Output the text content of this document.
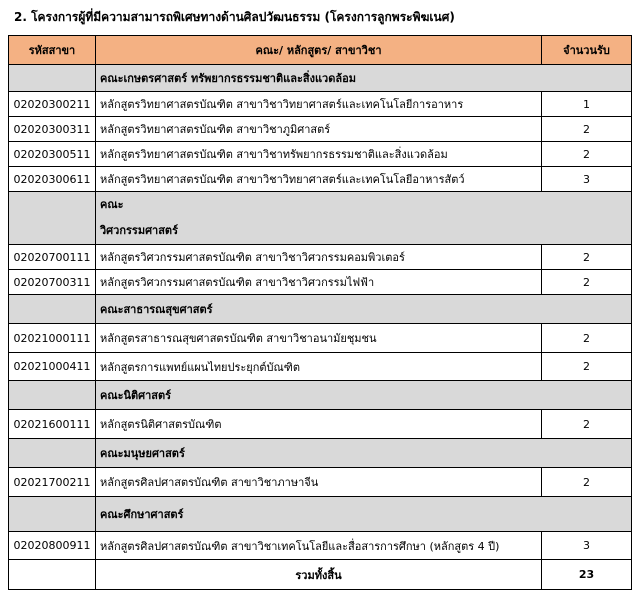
2. โครงการผู้ที่มีความสามารถพิเศษทางด้านศิลปวัฒนธรรม (โครงการลูกพระพิฆเนศ)
รหัสสาขา	คณะ/ หลักสูตร/ สาขาวิชา	จำนวนรับ
	คณะเกษตรศาสตร์ ทรัพยากรธรรมชาติและสิ่งแวดล้อม	
02020300211	หลักสูตรวิทยาศาสตรบัณฑิต สาขาวิชาวิทยาศาสตร์และเทคโนโลยีการอาหาร	1
02020300311	หลักสูตรวิทยาศาสตรบัณฑิต สาขาวิชาภูมิศาสตร์	2
02020300511	หลักสูตรวิทยาศาสตรบัณฑิต สาขาวิชาทรัพยากรธรรมชาติและสิ่งแวดล้อม	2
02020300611	หลักสูตรวิทยาศาสตรบัณฑิต สาขาวิชาวิทยาศาสตร์และเทคโนโลยีอาหารสัตว์	3

	คณะวิศวกรรมศาสตร์	

02020700111	หลักสูตรวิศวกรรมศาสตรบัณฑิต สาขาวิชาวิศวกรรมคอมพิวเตอร์	2
02020700311	หลักสูตรวิศวกรรมศาสตรบัณฑิต สาขาวิชาวิศวกรรมไฟฟ้า	2
	คณะสาธารณสุขศาสตร์	
02021000111	หลักสูตรสาธารณสุขศาสตรบัณฑิต สาขาวิชาอนามัยชุมชน	2
02021000411	หลักสูตรการแพทย์แผนไทยประยุกต์บัณฑิต	2
	คณะนิติศาสตร์	
02021600111	หลักสูตรนิติศาสตรบัณฑิต	2
	คณะมนุษยศาสตร์	
02021700211	หลักสูตรศิลปศาสตรบัณฑิต สาขาวิชาภาษาจีน	2
	คณะศึกษาศาสตร์	
02020800911	หลักสูตรศิลปศาสตรบัณฑิต สาขาวิชาเทคโนโลยีและสื่อสารการศึกษา (หลักสูตร 4 ปี)	3
	รวมทั้งสิ้น	23
